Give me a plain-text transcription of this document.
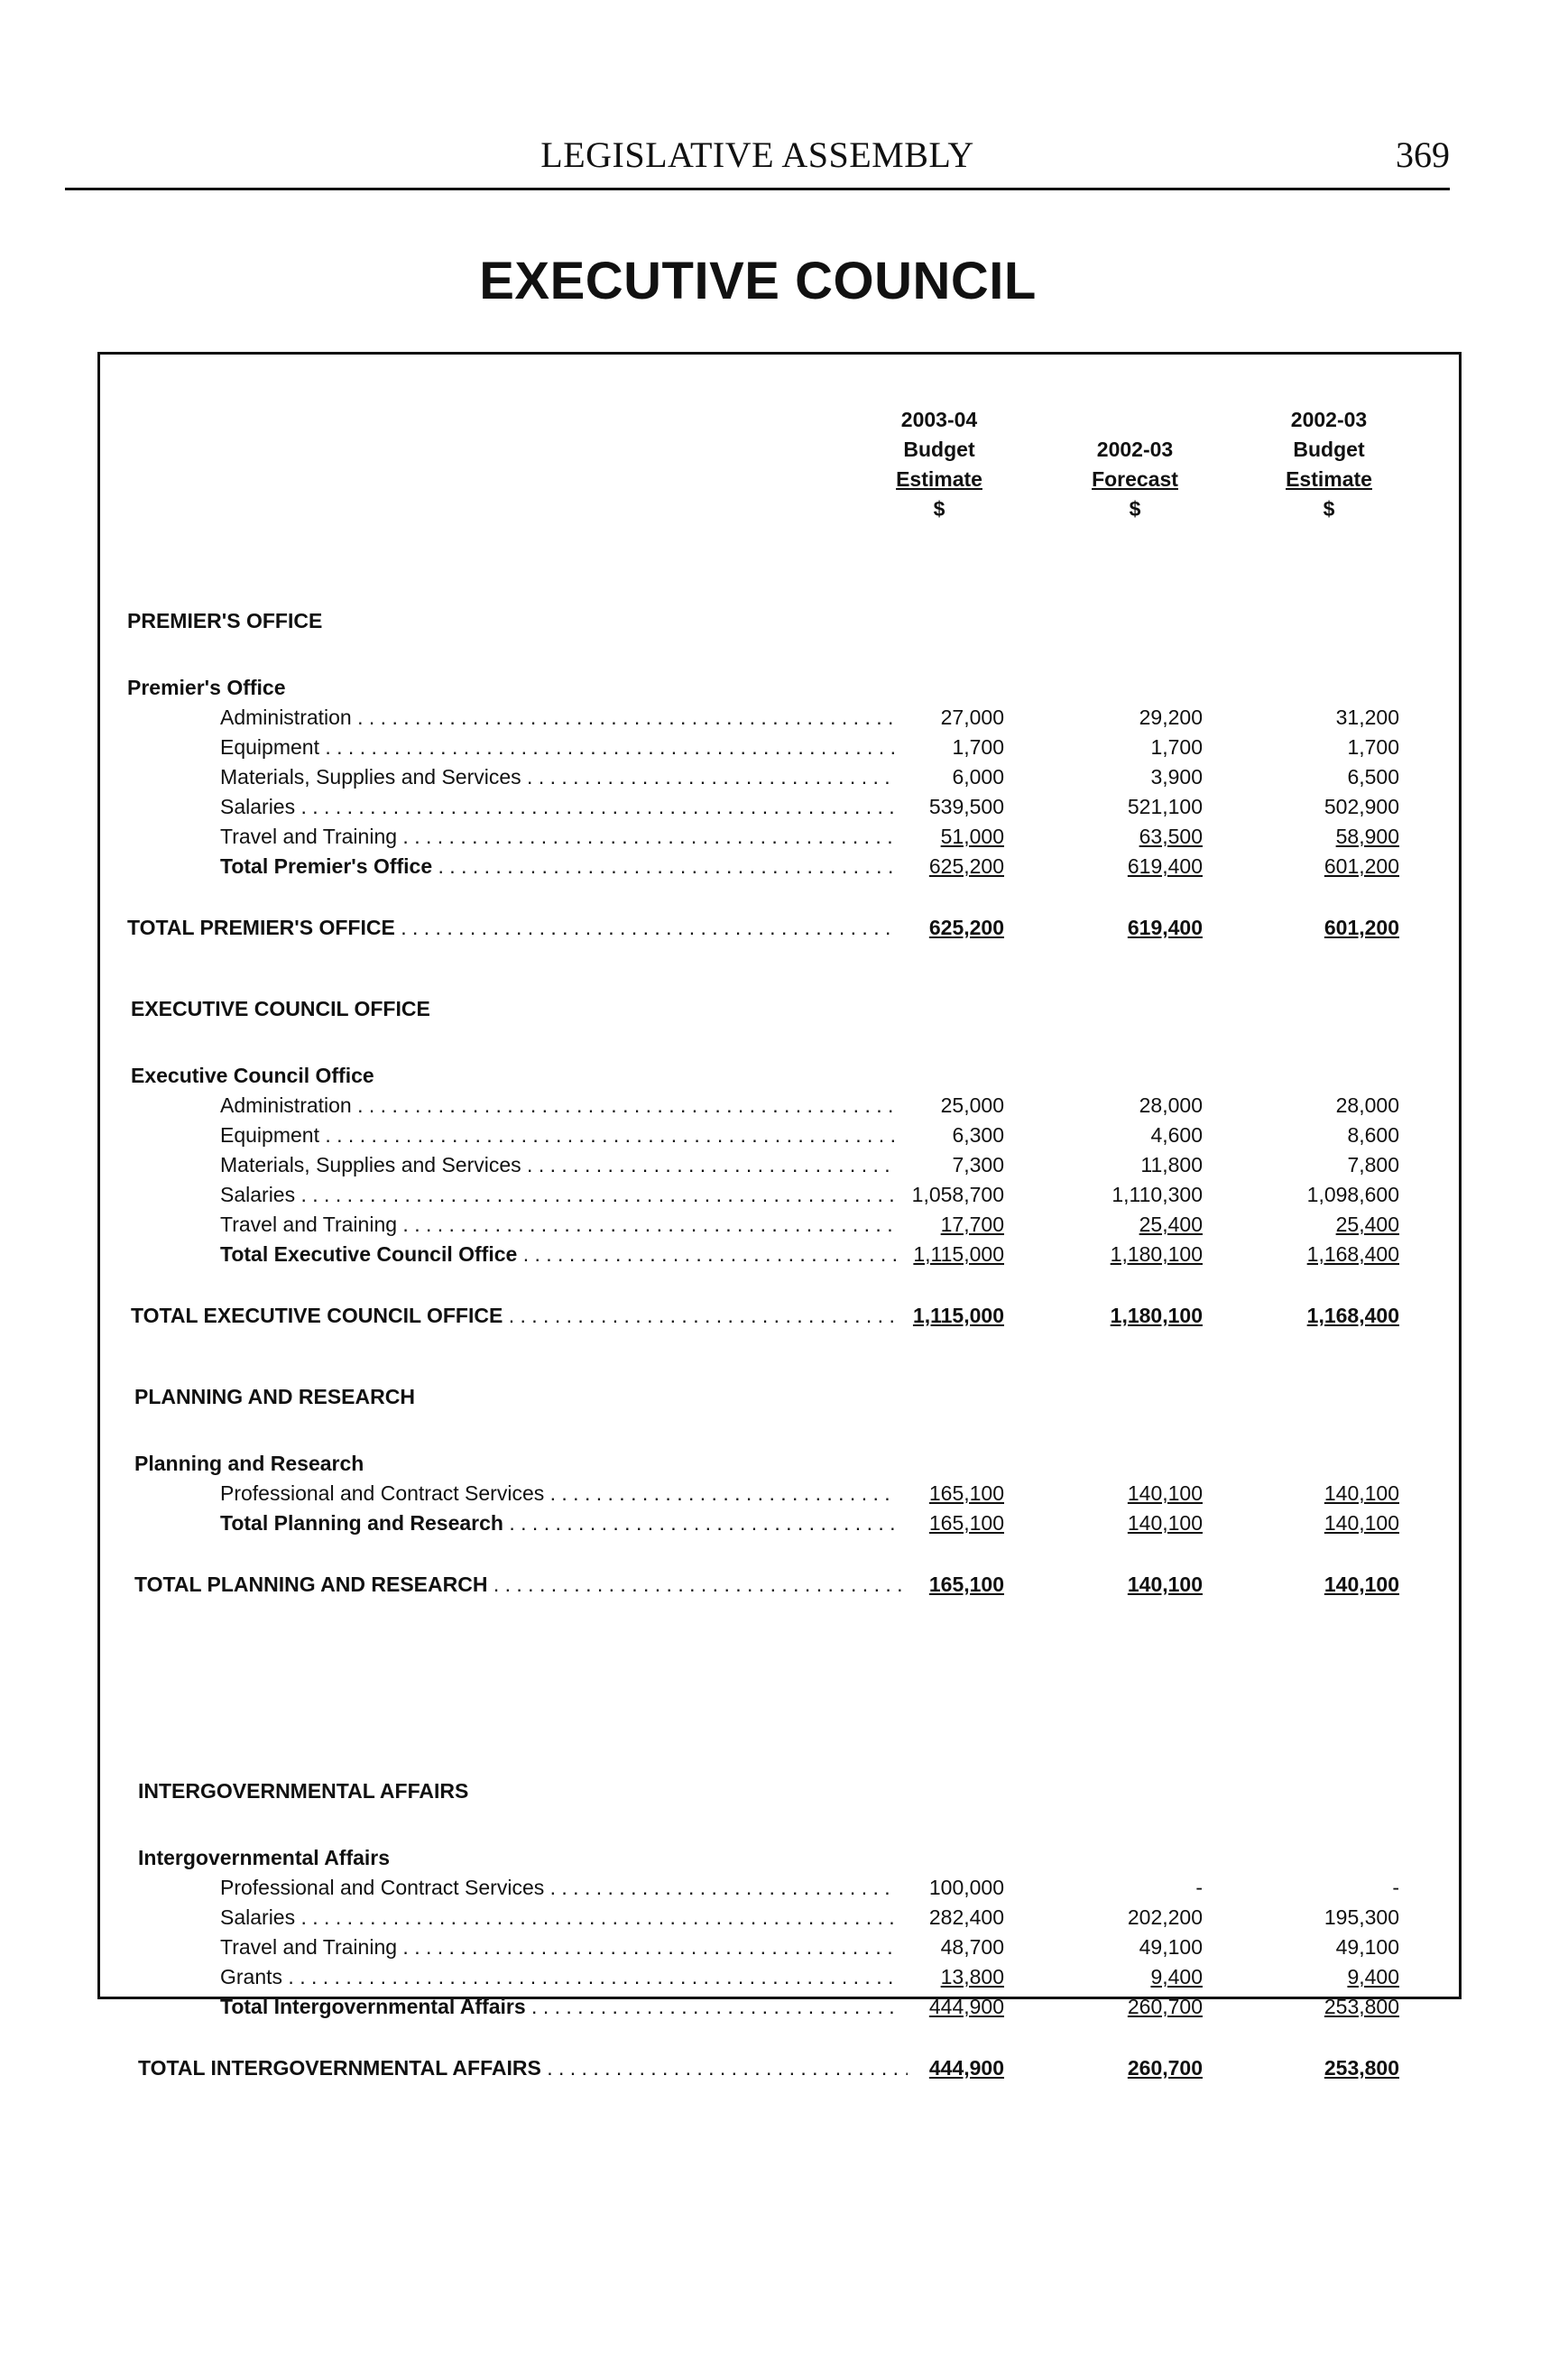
LEGISLATIVE ASSEMBLY	369
EXECUTIVE COUNCIL
2003-04
Budget
Estimate
$
2002-03
Forecast
$
2002-03
Budget
Estimate
$
PREMIER'S OFFICE
Premier's Office
Administration . . .	27,000	29,200	31,200
Equipment . . .	1,700	1,700	1,700
Materials, Supplies and Services . . .	6,000	3,900	6,500
Salaries . . .	539,500	521,100	502,900
Travel and Training . . .	51,000	63,500	58,900
Total Premier's Office . . .	625,200	619,400	601,200
TOTAL PREMIER'S OFFICE . . .	625,200	619,400	601,200
EXECUTIVE COUNCIL OFFICE
Executive Council Office
Administration . . .	25,000	28,000	28,000
Equipment . . .	6,300	4,600	8,600
Materials, Supplies and Services . . .	7,300	11,800	7,800
Salaries . . .	1,058,700	1,110,300	1,098,600
Travel and Training . . .	17,700	25,400	25,400
Total Executive Council Office . . .	1,115,000	1,180,100	1,168,400
TOTAL EXECUTIVE COUNCIL OFFICE . . .	1,115,000	1,180,100	1,168,400
PLANNING AND RESEARCH
Planning and Research
Professional and Contract Services . . .	165,100	140,100	140,100
Total Planning and Research . . .	165,100	140,100	140,100
TOTAL PLANNING AND RESEARCH . . .	165,100	140,100	140,100
INTERGOVERNMENTAL AFFAIRS
Intergovernmental Affairs
Professional and Contract Services . . .	100,000	-	-
Salaries . . .	282,400	202,200	195,300
Travel and Training . . .	48,700	49,100	49,100
Grants . . .	13,800	9,400	9,400
Total Intergovernmental Affairs . . .	444,900	260,700	253,800
TOTAL INTERGOVERNMENTAL AFFAIRS . . .	444,900	260,700	253,800
